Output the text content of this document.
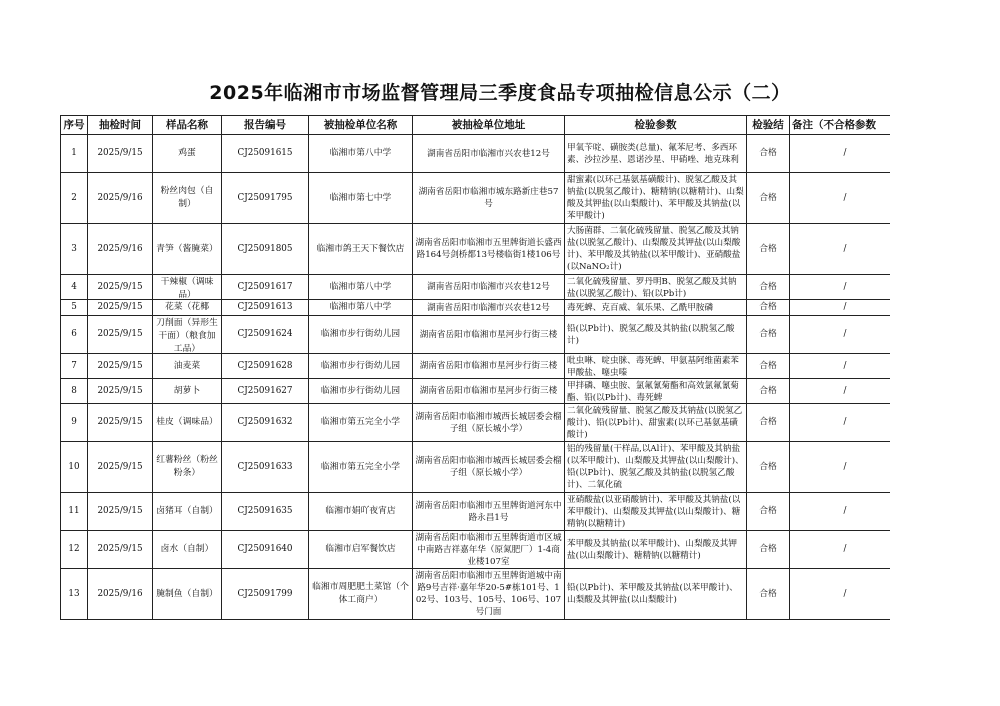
2025年临湘市市场监督管理局三季度食品专项抽检信息公示（二）
序号	抽检时间	样品名称	报告编号	被抽检单位名称	被抽检单位地址	检验参数	检验结	备注（不合格参数

1	2025/9/15	鸡蛋	CJ25091615	临湘市第八中学	湖南省岳阳市临湘市兴农巷12号	甲氧苄啶、磺胺类(总量)、氟苯尼考、多西环素、沙拉沙星、恩诺沙星、甲硝唑、地克珠利	合格	/

2	2025/9/16	粉丝肉包（自制）	CJ25091795	临湘市第七中学	湖南省岳阳市临湘市城东路新庄巷57号	甜蜜素(以环己基氨基磺酸计)、脱氢乙酸及其钠盐(以脱氢乙酸计)、糖精钠(以糖精计)、山梨酸及其钾盐(以山梨酸计)、苯甲酸及其钠盐(以苯甲酸计)	合格	/

3	2025/9/16	青笋（酱腌菜）	CJ25091805	临湘市鸽王天下餐饮店	湖南省岳阳市临湘市五里牌街道长盛西路164号剑桥都13号楼临街1楼106号	大肠菌群、二氧化硫残留量、脱氢乙酸及其钠盐(以脱氢乙酸计)、山梨酸及其钾盐(以山梨酸计)、苯甲酸及其钠盐(以苯甲酸计)、亚硝酸盐(以NaNO₂计)	合格	/

4	2025/9/15	干辣椒（调味品）	CJ25091617	临湘市第八中学	湖南省岳阳市临湘市兴农巷12号	二氧化硫残留量、罗丹明B、脱氢乙酸及其钠盐(以脱氢乙酸计)、铅(以Pb计)	合格	/

5	2025/9/15	花菜（花椰	CJ25091613	临湘市第八中学	湖南省岳阳市临湘市兴农巷12号	毒死蜱、克百威、氧乐果、乙酰甲胺磷	合格	/

6	2025/9/15	刀削面（异形生干面）（粮食加工品）	CJ25091624	临湘市步行街幼儿园	湖南省岳阳市临湘市星河步行街三楼	铅(以Pb计)、脱氢乙酸及其钠盐(以脱氢乙酸计)	合格	/

7	2025/9/15	油麦菜	CJ25091628	临湘市步行街幼儿园	湖南省岳阳市临湘市星河步行街三楼	吡虫啉、啶虫脒、毒死蜱、甲氨基阿维菌素苯甲酸盐、噻虫嗪	合格	/

8	2025/9/15	胡萝卜	CJ25091627	临湘市步行街幼儿园	湖南省岳阳市临湘市星河步行街三楼	甲拌磷、噻虫胺、氯氟氰菊酯和高效氯氟氰菊酯、铅(以Pb计)、毒死蜱	合格	/

9	2025/9/15	桂皮（调味品）	CJ25091632	临湘市第五完全小学	湖南省岳阳市临湘市城西长城居委会榴子组（原长城小学）	二氧化硫残留量、脱氢乙酸及其钠盐(以脱氢乙酸计)、铅(以Pb计)、甜蜜素(以环己基氨基磺酸计)	合格	/

10	2025/9/15	红薯粉丝（粉丝粉条）	CJ25091633	临湘市第五完全小学	湖南省岳阳市临湘市城西长城居委会榴子组（原长城小学）	铝的残留量(干样品,以Al计)、苯甲酸及其钠盐(以苯甲酸计)、山梨酸及其钾盐(以山梨酸计)、铅(以Pb计)、脱氢乙酸及其钠盐(以脱氢乙酸计)、二氧化硫	合格	/

11	2025/9/15	卤猪耳（自制）	CJ25091635	临湘市娟吖夜宵店	湖南省岳阳市临湘市五里牌街道河东中路永昌1号	亚硝酸盐(以亚硝酸钠计)、苯甲酸及其钠盐(以苯甲酸计)、山梨酸及其钾盐(以山梨酸计)、糖精钠(以糖精计)	合格	/

12	2025/9/15	卤水（自制）	CJ25091640	临湘市启军餐饮店	湖南省岳阳市临湘市五里牌街道市区城中南路吉祥嘉年华（原氮肥厂）1-4商业楼107室	苯甲酸及其钠盐(以苯甲酸计)、山梨酸及其钾盐(以山梨酸计)、糖精钠(以糖精计)	合格	/

13	2025/9/16	腌制鱼（自制）	CJ25091799	临湘市周肥肥土菜馆（个体工商户）	湖南省岳阳市临湘市五里牌街道城中南路9号吉祥·嘉年华20-5#栋101号、102号、103号、105号、106号、107号门面	铅(以Pb计)、苯甲酸及其钠盐(以苯甲酸计)、山梨酸及其钾盐(以山梨酸计)	合格	/
